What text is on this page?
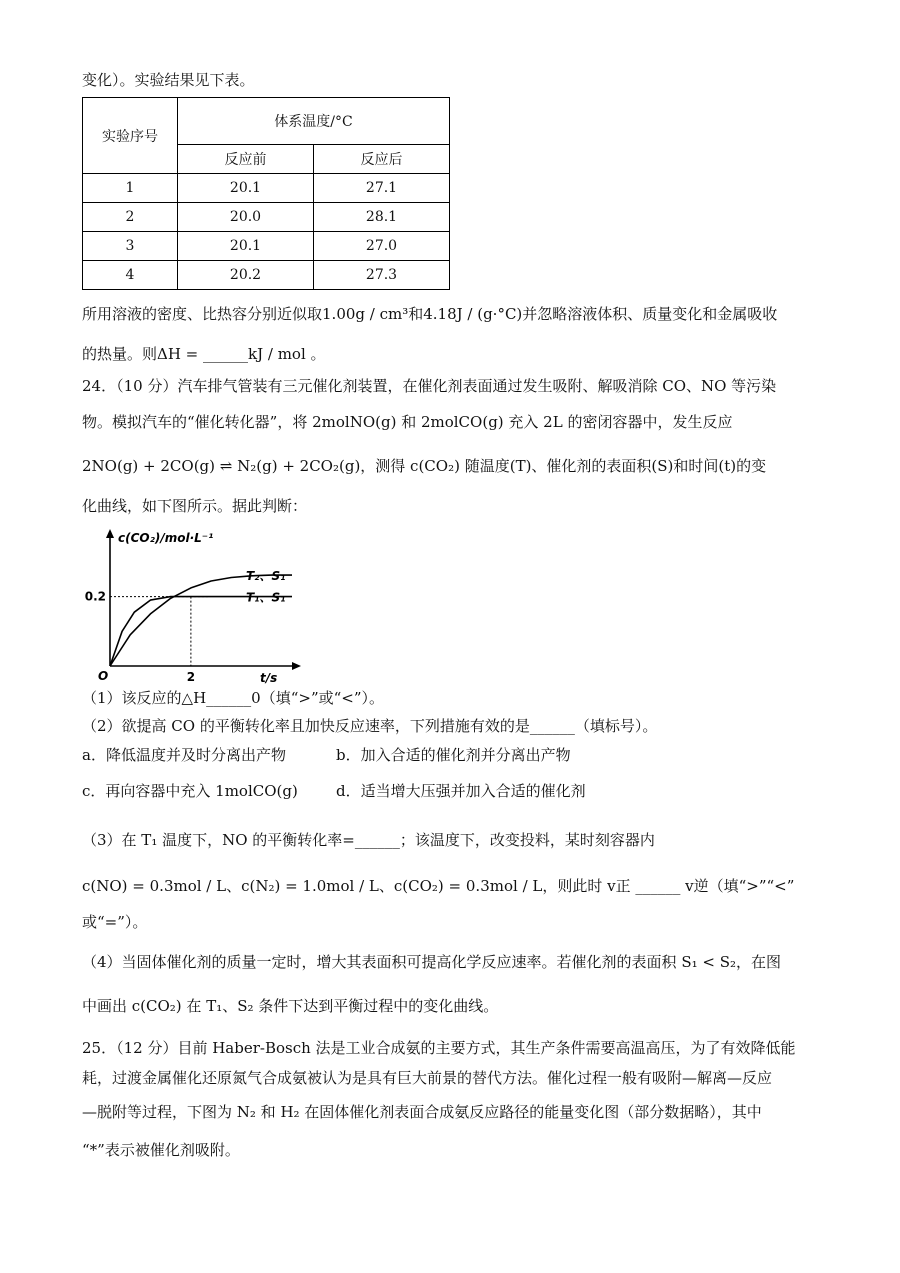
变化）。实验结果见下表。
实验序号	体系温度/°C	
	反应前	反应后
1	20.1	27.1
2	20.0	28.1
3	20.1	27.0
4	20.2	27.3
所用溶液的密度、比热容分别近似取1.00g / cm³和4.18J / (g·°C)并忽略溶液体积、质量变化和金属吸收
的热量。则ΔH = ______kJ / mol 。
24．（10 分）汽车排气管装有三元催化剂装置，在催化剂表面通过发生吸附、解吸消除 CO、NO 等污染
物。模拟汽车的“催化转化器”，将 2molNO(g) 和 2molCO(g) 充入 2L 的密闭容器中，发生反应
2NO(g) + 2CO(g) ⇌ N₂(g) + 2CO₂(g)，测得 c(CO₂) 随温度(T)、催化剂的表面积(S)和时间(t)的变
化曲线，如下图所示。据此判断：
c(CO₂)/mol·L⁻¹
t/s
O
0.2
2
T₂、S₁
T₁、S₁
（1）该反应的△H______0（填“>”或“<”）。
（2）欲提高 CO 的平衡转化率且加快反应速率，下列措施有效的是______（填标号）。
a．降低温度并及时分离出产物	b．加入合适的催化剂并分离出产物
c．再向容器中充入 1molCO(g)	d．适当增大压强并加入合适的催化剂
（3）在 T₁ 温度下，NO 的平衡转化率=______；该温度下，改变投料，某时刻容器内
c(NO) = 0.3mol / L、c(N₂) = 1.0mol / L、c(CO₂) = 0.3mol / L，则此时 v正 ______ v逆（填“>”“<”
或“=”）。
（4）当固体催化剂的质量一定时，增大其表面积可提高化学反应速率。若催化剂的表面积 S₁ < S₂，在图
中画出 c(CO₂) 在 T₁、S₂ 条件下达到平衡过程中的变化曲线。
25．（12 分）目前 Haber-Bosch 法是工业合成氨的主要方式，其生产条件需要高温高压，为了有效降低能
耗，过渡金属催化还原氮气合成氨被认为是具有巨大前景的替代方法。催化过程一般有吸附—解离—反应
—脱附等过程，下图为 N₂ 和 H₂ 在固体催化剂表面合成氨反应路径的能量变化图（部分数据略），其中
“*”表示被催化剂吸附。
